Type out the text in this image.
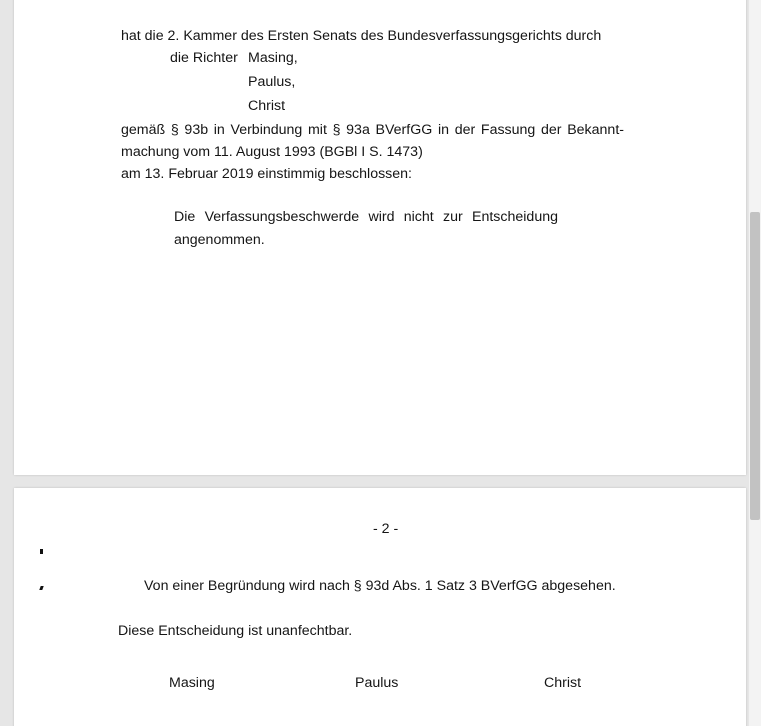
hat die 2. Kammer des Ersten Senats des Bundesverfassungsgerichts durch
die Richter Masing,
Paulus,
Christ
gemäß § 93b in Verbindung mit § 93a BVerfGG in der Fassung der Bekannt-
machung vom 11. August 1993 (BGBl I S. 1473)
am 13. Februar 2019 einstimmig beschlossen:
Die Verfassungsbeschwerde wird nicht zur Entscheidung
angenommen.
- 2 -
Von einer Begründung wird nach § 93d Abs. 1 Satz 3 BVerfGG abgesehen.
Diese Entscheidung ist unanfechtbar.
Masing	Paulus	Christ
